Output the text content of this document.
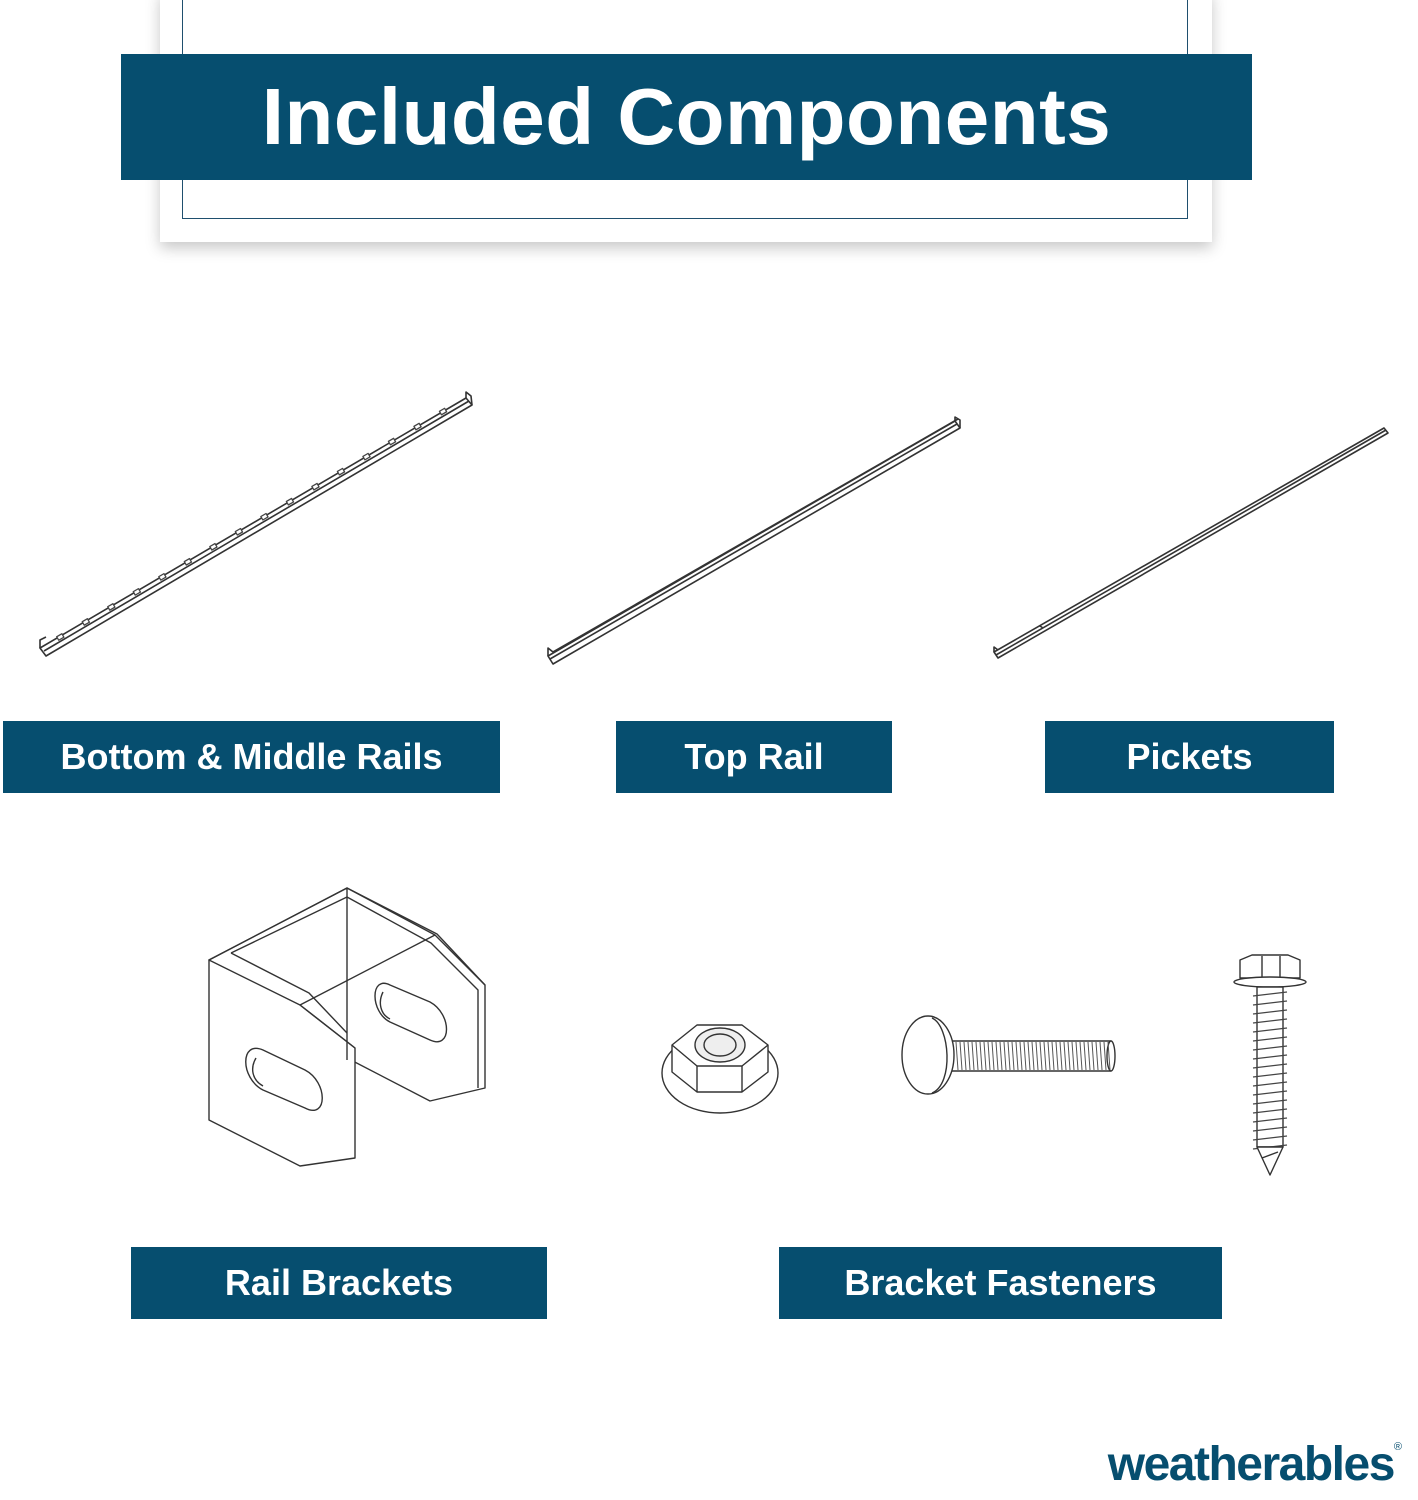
Included Components
Bottom & Middle Rails	Top Rail	Pickets
Rail Brackets	Bracket Fasteners
weatherables®
